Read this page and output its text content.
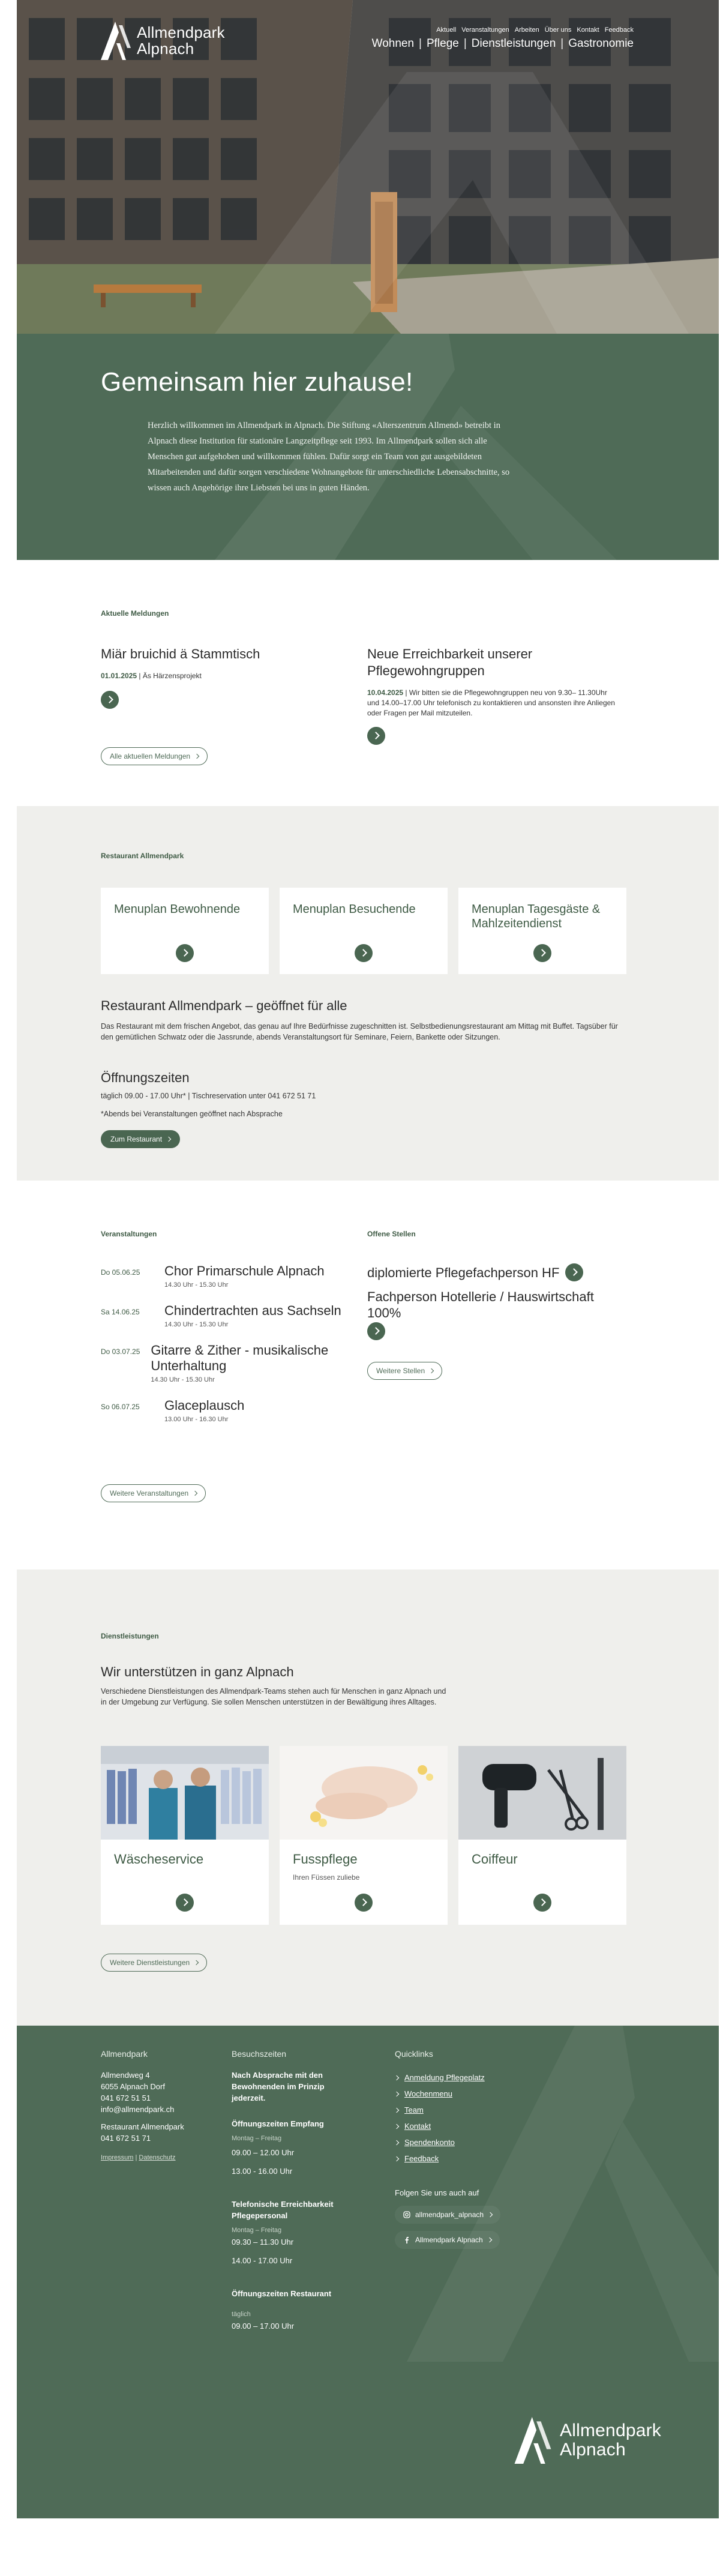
Allmendpark
Alpnach
Aktuell Veranstaltungen Arbeiten Über uns Kontakt Feedback
Wohnen | Pflege | Dienstleistungen | Gastronomie
Gemeinsam hier zuhause!

Herzlich willkommen im Allmendpark in Alpnach. Die Stiftung «Alterszentrum Allmend» betreibt in Alpnach diese Institution für stationäre Langzeitpflege seit 1993. Im Allmendpark sollen sich alle Menschen gut aufgehoben und willkommen fühlen. Dafür sorgt ein Team von gut ausgebildeten Mitarbeitenden und dafür sorgen verschiedene Wohnangebote für unterschiedliche Lebensabschnitte, so wissen auch Angehörige ihre Liebsten bei uns in guten Händen.

Aktuelle Meldungen
Miär bruichid ä Stammtisch
01.01.2025 | Äs Härzensprojekt
Neue Erreichbarkeit unserer Pflegewohngruppen
10.04.2025 | Wir bitten sie die Pflegewohngruppen neu von 9.30– 11.30Uhr und 14.00–17.00 Uhr telefonisch zu kontaktieren und ansonsten ihre Anliegen oder Fragen per Mail mitzuteilen.
Alle aktuellen Meldungen
Restaurant Allmendpark
Menuplan Bewohnende	Menuplan Besuchende	Menuplan Tagesgäste & Mahlzeitendienst
Restaurant Allmendpark – geöffnet für alle
Das Restaurant mit dem frischen Angebot, das genau auf Ihre Bedürfnisse zugeschnitten ist. Selbstbedienungsrestaurant am Mittag mit Buffet. Tagsüber für den gemütlichen Schwatz oder die Jassrunde, abends Veranstaltungsort für Seminare, Feiern, Bankette oder Sitzungen.
Öffnungszeiten
täglich 09.00 - 17.00 Uhr* | Tischreservation unter 041 672 51 71
*Abends bei Veranstaltungen geöffnet nach Absprache
Zum Restaurant
Veranstaltungen	Offene Stellen
Do 05.06.25	Chor Primarschule Alpnach
14.30 Uhr - 15.30 Uhr
Sa 14.06.25	Chindertrachten aus Sachseln
14.30 Uhr - 15.30 Uhr
Do 03.07.25 Gitarre & Zither - musikalische Unterhaltung
14.30 Uhr - 15.30 Uhr
So 06.07.25	Glaceplausch
13.00 Uhr - 16.30 Uhr
Weitere Veranstaltungen
diplomierte Pflegefachperson HF
Fachperson Hotellerie / Hauswirtschaft 100%
Weitere Stellen
Dienstleistungen
Wir unterstützen in ganz Alpnach
Verschiedene Dienstleistungen des Allmendpark-Teams stehen auch für Menschen in ganz Alpnach und in der Umgebung zur Verfügung. Sie sollen Menschen unterstützen in der Bewältigung ihres Alltages.
Wäscheservice	Fusspflege
Ihren Füssen zuliebe
Coiffeur
Weitere Dienstleistungen
Allmendpark
Allmendweg 4
6055 Alpnach Dorf
041 672 51 51
info@allmendpark.ch
Restaurant Allmendpark
041 672 51 71
Impressum | Datenschutz
Besuchszeiten
Nach Absprache mit den Bewohnenden im Prinzip jederzeit.
Öffnungszeiten Empfang
Montag – Freitag
09.00 – 12.00 Uhr
13.00 - 16.00 Uhr
Telefonische Erreichbarkeit Pflegepersonal
Montag – Freitag
09.30 – 11.30 Uhr
14.00 - 17.00 Uhr
Öffnungszeiten Restaurant
täglich
09.00 – 17.00 Uhr
Quicklinks
Anmeldung Pflegeplatz
Wochenmenu
Team
Kontakt
Spendenkonto
Feedback
Folgen Sie uns auch auf
allmendpark_alpnach
Allmendpark Alpnach
Allmendpark
Alpnach
